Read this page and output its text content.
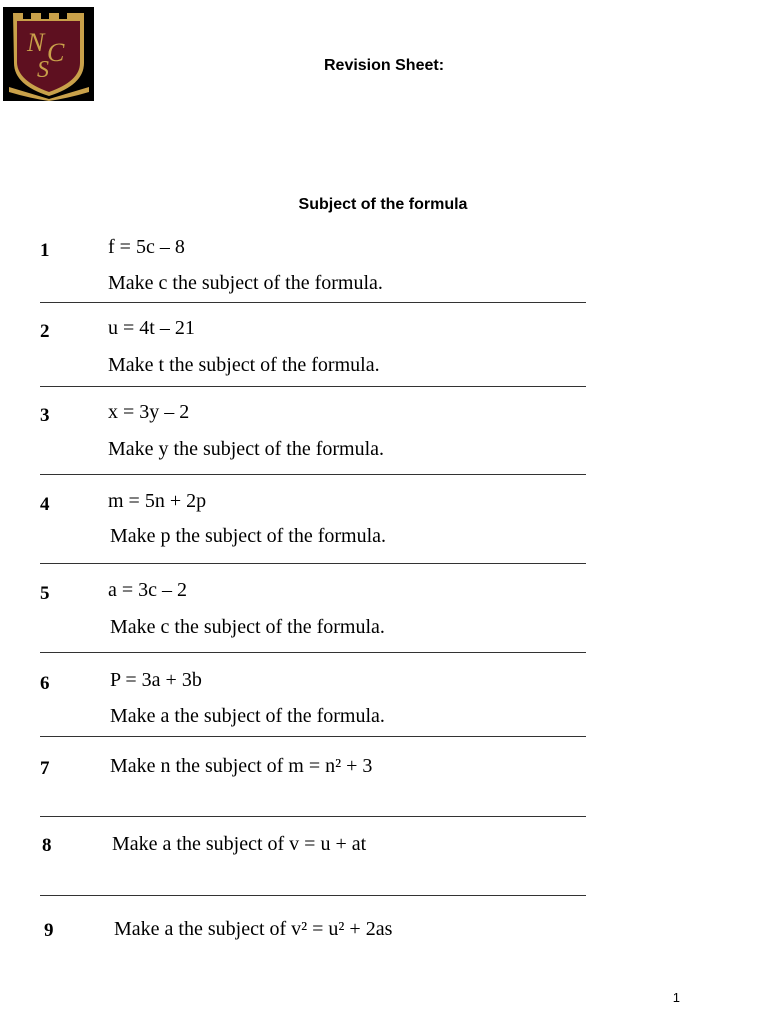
N C
S	Revision Sheet:
Subject of the formula
1	f = 5c – 8
Make c the subject of the formula.
2	u = 4t – 21
Make t the subject of the formula.
3	x = 3y – 2
Make y the subject of the formula.
4	m = 5n + 2p
Make p the subject of the formula.
5	a = 3c – 2
Make c the subject of the formula.
6	P = 3a + 3b
Make a the subject of the formula.
7	Make n the subject of m = n² + 3
8	Make a the subject of v = u + at
9	Make a the subject of v² = u² + 2as
1
